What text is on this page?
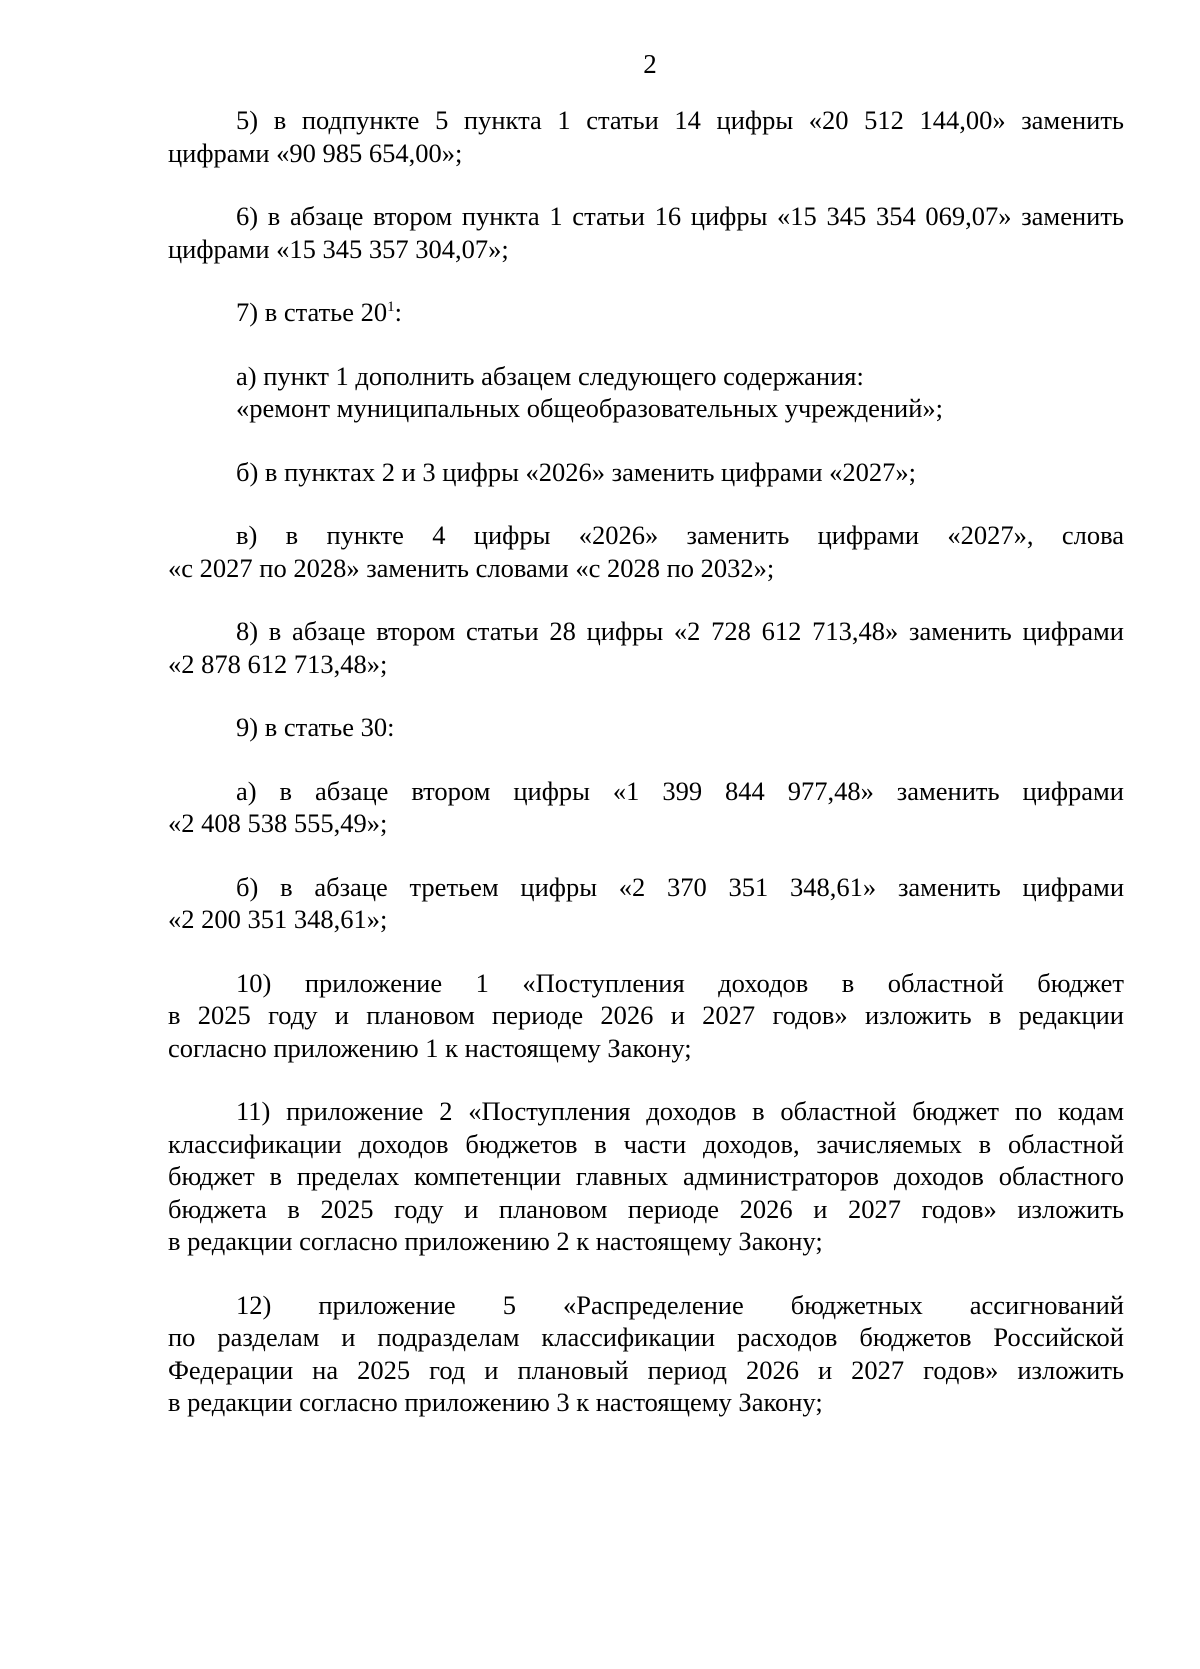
2
5) в подпункте 5 пункта 1 статьи 14 цифры «20 512 144,00» заменить
цифрами «90 985 654,00»;
6) в абзаце втором пункта 1 статьи 16 цифры «15 345 354 069,07» заменить
цифрами «15 345 357 304,07»;
7) в статье $20^1$:
а) пункт 1 дополнить абзацем следующего содержания:
«ремонт муниципальных общеобразовательных учреждений»;
б) в пунктах 2 и 3 цифры «2026» заменить цифрами «2027»;
в) в пункте 4 цифры «2026» заменить цифрами «2027», слова
«с 2027 по 2028» заменить словами «с 2028 по 2032»;
8) в абзаце втором статьи 28 цифры «2 728 612 713,48» заменить цифрами
«2 878 612 713,48»;
9) в статье 30:
а) в абзаце втором цифры «1 399 844 977,48» заменить цифрами
«2 408 538 555,49»;
б) в абзаце третьем цифры «2 370 351 348,61» заменить цифрами
«2 200 351 348,61»;
10) приложение 1 «Поступления доходов в областной бюджет
в 2025 году и плановом периоде 2026 и 2027 годов» изложить в редакции
согласно приложению 1 к настоящему Закону;
11) приложение 2 «Поступления доходов в областной бюджет по кодам
классификации доходов бюджетов в части доходов, зачисляемых в областной
бюджет в пределах компетенции главных администраторов доходов областного
бюджета в 2025 году и плановом периоде 2026 и 2027 годов» изложить
в редакции согласно приложению 2 к настоящему Закону;
12) приложение 5 «Распределение бюджетных ассигнований
по разделам и подразделам классификации расходов бюджетов Российской
Федерации на 2025 год и плановый период 2026 и 2027 годов» изложить
в редакции согласно приложению 3 к настоящему Закону;
